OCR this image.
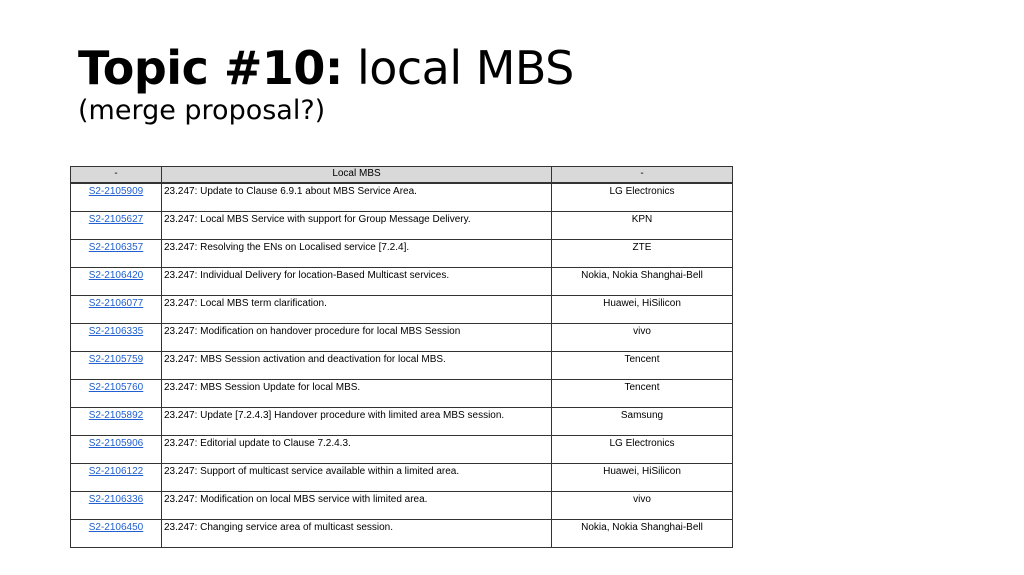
Topic #10: local MBS
(merge proposal?)
-	Local MBS	-
S2-2105909	23.247: Update to Clause 6.9.1 about MBS Service Area.	LG Electronics
S2-2105627	23.247: Local MBS Service with support for Group Message Delivery.	KPN
S2-2106357	23.247: Resolving the ENs on Localised service [7.2.4].	ZTE
S2-2106420	23.247: Individual Delivery for location-Based Multicast services.	Nokia, Nokia Shanghai-Bell
S2-2106077	23.247: Local MBS term clarification.	Huawei, HiSilicon
S2-2106335	23.247: Modification on handover procedure for local MBS Session	vivo
S2-2105759	23.247: MBS Session activation and deactivation for local MBS.	Tencent
S2-2105760	23.247: MBS Session Update for local MBS.	Tencent
S2-2105892	23.247: Update [7.2.4.3] Handover procedure with limited area MBS session.	Samsung
S2-2105906	23.247: Editorial update to Clause 7.2.4.3.	LG Electronics
S2-2106122	23.247: Support of multicast service available within a limited area.	Huawei, HiSilicon
S2-2106336	23.247: Modification on local MBS service with limited area.	vivo
S2-2106450	23.247: Changing service area of multicast session.	Nokia, Nokia Shanghai-Bell
